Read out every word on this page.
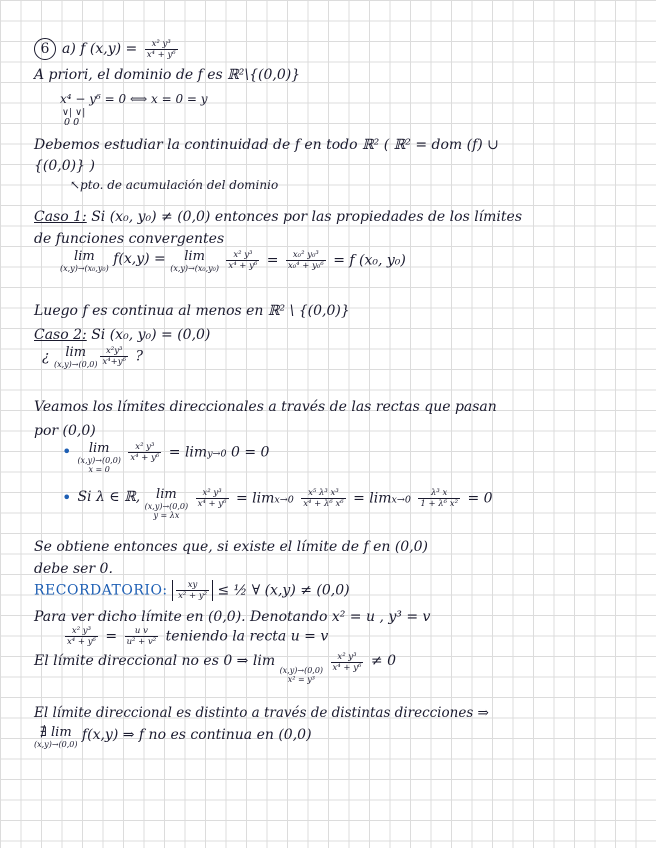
6 a) f $(x,y) = \frac{\text{x² y³}}{\text{x⁴ + y⁶}}$
A priori, el dominio de f es ℝ²\{(0,0)}
x⁴ − y⁶ = 0 ⟺ x = 0 = y
∨| ∨|
0 0
Debemos estudiar la continuidad de f en todo ℝ² ( ℝ² = dom (f) ∪
{(0,0)} )
↖pto. de acumulación del dominio
Caso 1: Si (x₀, y₀) ≠ (0,0) entonces por las propiedades de los límites
de funciones convergentes
lim
(x,y)→(x₀,y₀)
f(x,y) =	lim
(x,y)→(x₀,y₀)
$\frac{\text{x² y³}}{\text{x⁴ + y⁶}} = \frac{\text{x₀² y₀³}}{\text{x₀⁴ + y₀⁶}} = f$ (x₀, y₀)
Luego f es continua al menos en ℝ² \ {(0,0)}
Caso 2: Si (x₀, y₀) = (0,0)
¿ lim
$(x,y)\to(0,0) \frac{\text{x²y³}}{\text{x⁴+y⁶}}$ ?
Veamos los límites direccionales a través de las rectas que pasan
por (0,0)
•	lim
(x,y)→(0,0)
x = 0

$\frac{\text{x² y³}}{\text{x⁴ + y⁶}} = \lim y\to 0$ 0 = 0
• Si λ ∈ ℝ, lim
(x,y)→(0,0)
y = λx

$\frac{\text{x² y³}}{\text{x⁴ + y⁶}} = \lim x\to 0 \frac{\text{x⁵ λ³ x³}}{\text{x⁴ + λ⁶ x⁶}} = \lim x\to 0 \frac{\text{λ³ x}}{\text{1 + λ⁶ x²}} = 0$
Se obtiene entonces que, si existe el límite de f en (0,0)
debe ser 0.
RECORDATORIO: $\frac{xy}{\text{x² + y²}}$ ≤ ½ ∀ (x,y) ≠ (0,0)
Para ver dicho límite en (0,0). Denotando x² = u , y³ = v
$\frac{\text{x² y³}}{\text{x⁴ + y⁶}} = \frac{\text{u v}}{\text{u² + v²}}$ teniendo la recta u = v
El límite direccional no es 0 ⇒ lim
(x,y)→(0,0)
x² = y³

$\frac{\text{x² y³}}{\text{x⁴ + y⁶}} \ne 0$
El límite direccional es distinto a través de distintas direcciones ⇒
∄ lim
(x,y)→(0,0)
f(x,y) ⇒ f no es continua en (0,0)
